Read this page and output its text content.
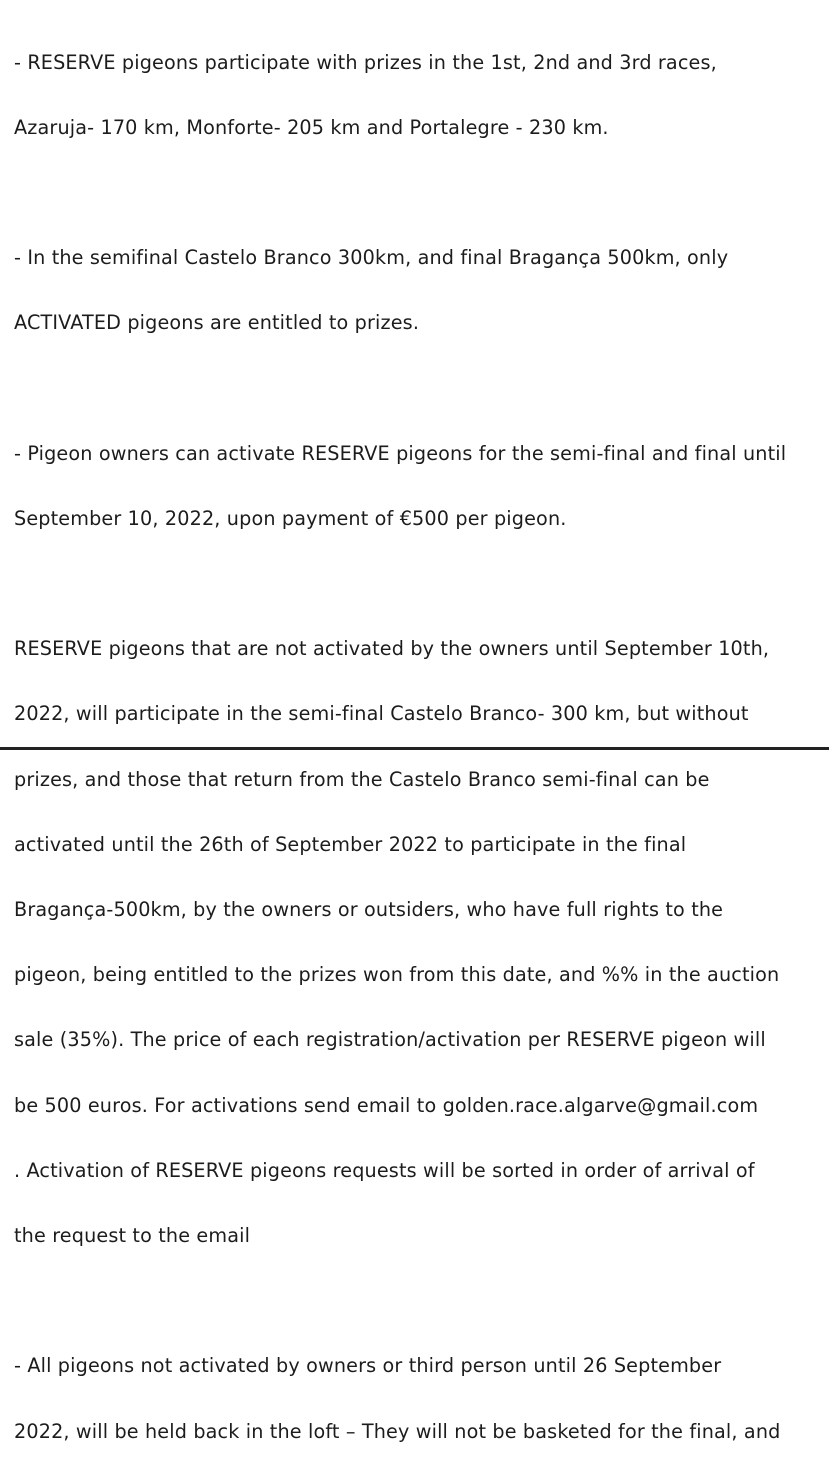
- RESERVE pigeons participate with prizes in the 1st, 2nd and 3rd races,

Azaruja- 170 km, Monforte- 205 km and Portalegre - 230 km.

- In the semifinal Castelo Branco 300km, and final Bragança 500km, only

ACTIVATED pigeons are entitled to prizes.

- Pigeon owners can activate RESERVE pigeons for the semi-final and final until

September 10, 2022, upon payment of €500 per pigeon.

RESERVE pigeons that are not activated by the owners until September 10th,

2022, will participate in the semi-final Castelo Branco- 300 km, but without

prizes, and those that return from the Castelo Branco semi-final can be

activated until the 26th of September 2022 to participate in the final

Bragança-500km, by the owners or outsiders, who have full rights to the

pigeon, being entitled to the prizes won from this date, and %% in the auction

sale (35%). The price of each registration/activation per RESERVE pigeon will

be 500 euros. For activations send email to golden.race.algarve@gmail.com

. Activation of RESERVE pigeons requests will be sorted in order of arrival of

the request to the email

- All pigeons not activated by owners or third person until 26 September

2022, will be held back in the loft – They will not be basketed for the final, and
